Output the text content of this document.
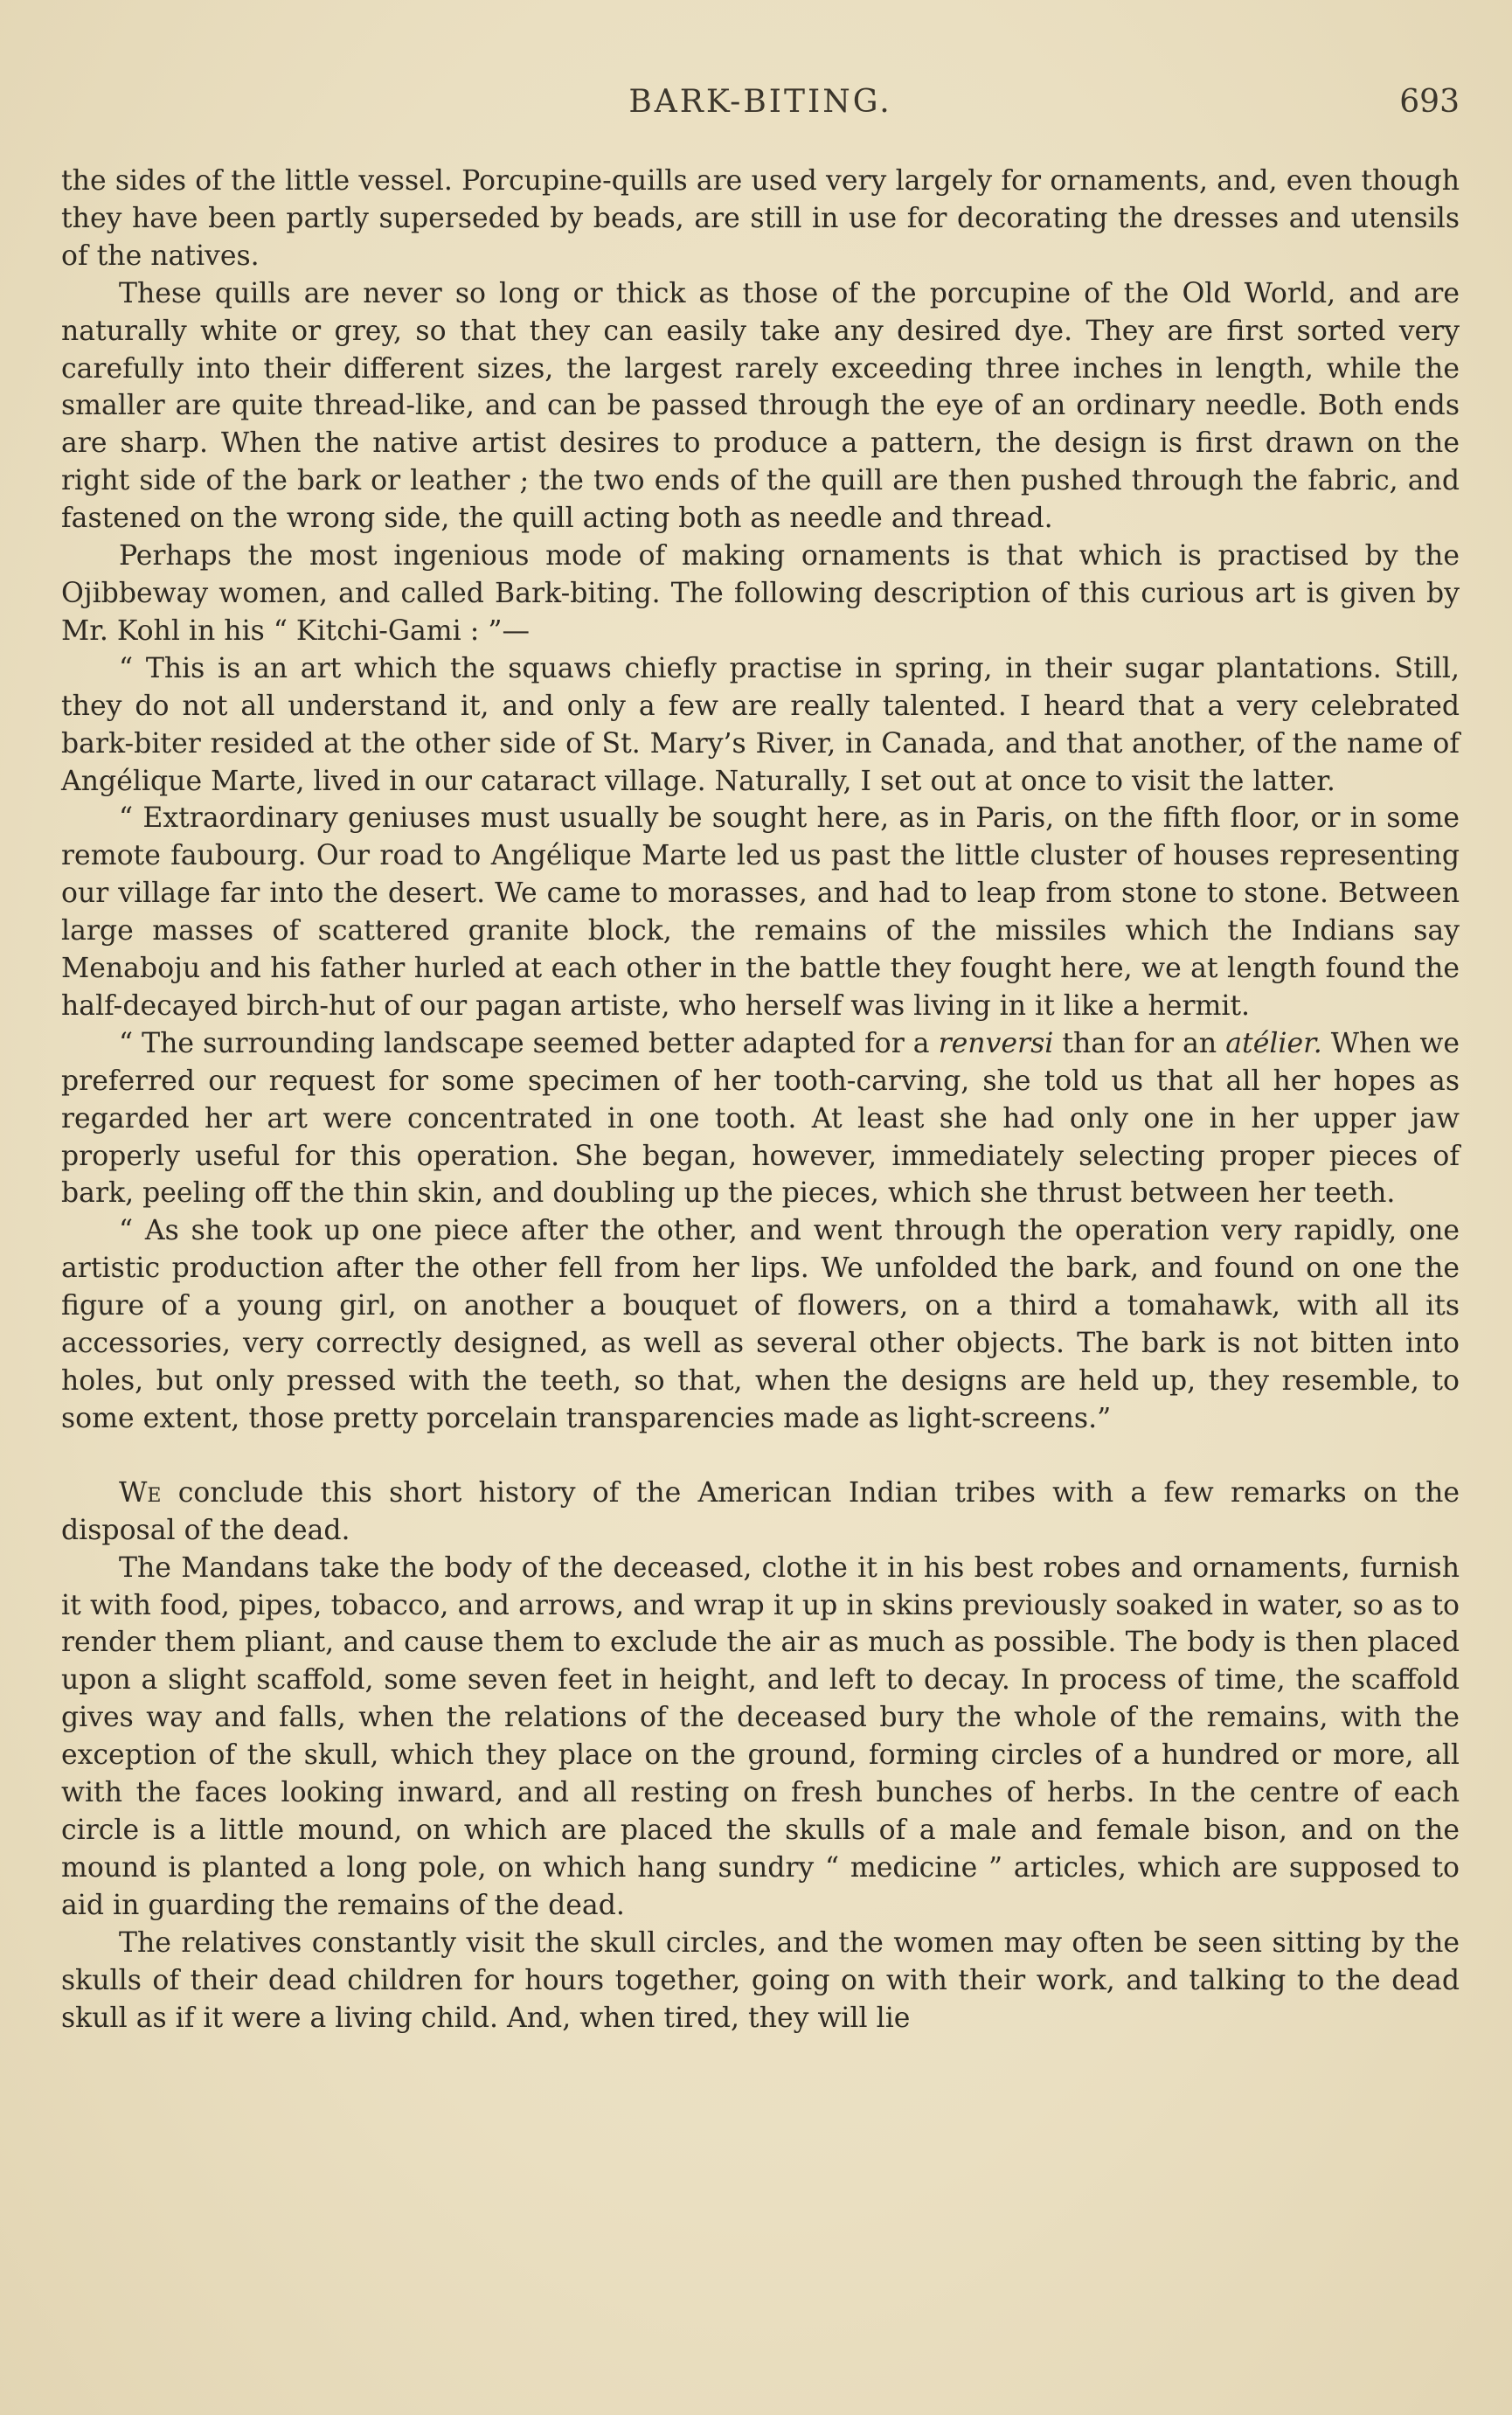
BARK-BITING.	693

the sides of the little vessel. Porcupine-quills are used very largely for ornaments, and, even though they have been partly superseded by beads, are still in use for decorating the dresses and utensils of the natives.

These quills are never so long or thick as those of the porcupine of the Old World, and are naturally white or grey, so that they can easily take any desired dye. They are first sorted very carefully into their different sizes, the largest rarely exceeding three inches in length, while the smaller are quite thread-like, and can be passed through the eye of an ordinary needle. Both ends are sharp. When the native artist desires to produce a pattern, the design is first drawn on the right side of the bark or leather ; the two ends of the quill are then pushed through the fabric, and fastened on the wrong side, the quill acting both as needle and thread.

Perhaps the most ingenious mode of making ornaments is that which is practised by the Ojibbeway women, and called Bark-biting. The following description of this curious art is given by Mr. Kohl in his “ Kitchi-Gami : ”—

“ This is an art which the squaws chiefly practise in spring, in their sugar plantations. Still, they do not all understand it, and only a few are really talented. I heard that a very celebrated bark-biter resided at the other side of St. Mary’s River, in Canada, and that another, of the name of Angélique Marte, lived in our cataract village. Naturally, I set out at once to visit the latter.

“ Extraordinary geniuses must usually be sought here, as in Paris, on the fifth floor, or in some remote faubourg. Our road to Angélique Marte led us past the little cluster of houses representing our village far into the desert. We came to morasses, and had to leap from stone to stone. Between large masses of scattered granite block, the remains of the missiles which the Indians say Menaboju and his father hurled at each other in the battle they fought here, we at length found the half-decayed birch-hut of our pagan artiste, who herself was living in it like a hermit.

“ The surrounding landscape seemed better adapted for a renversi than for an atélier. When we preferred our request for some specimen of her tooth-carving, she told us that all her hopes as regarded her art were concentrated in one tooth. At least she had only one in her upper jaw properly useful for this operation. She began, however, immediately selecting proper pieces of bark, peeling off the thin skin, and doubling up the pieces, which she thrust between her teeth.

“ As she took up one piece after the other, and went through the operation very rapidly, one artistic production after the other fell from her lips. We unfolded the bark, and found on one the figure of a young girl, on another a bouquet of flowers, on a third a tomahawk, with all its accessories, very correctly designed, as well as several other objects. The bark is not bitten into holes, but only pressed with the teeth, so that, when the designs are held up, they resemble, to some extent, those pretty porcelain transparencies made as light-screens.”

We conclude this short history of the American Indian tribes with a few remarks on the disposal of the dead.

The Mandans take the body of the deceased, clothe it in his best robes and ornaments, furnish it with food, pipes, tobacco, and arrows, and wrap it up in skins previously soaked in water, so as to render them pliant, and cause them to exclude the air as much as possible. The body is then placed upon a slight scaffold, some seven feet in height, and left to decay. In process of time, the scaffold gives way and falls, when the relations of the deceased bury the whole of the remains, with the exception of the skull, which they place on the ground, forming circles of a hundred or more, all with the faces looking inward, and all resting on fresh bunches of herbs. In the centre of each circle is a little mound, on which are placed the skulls of a male and female bison, and on the mound is planted a long pole, on which hang sundry “ medicine ” articles, which are supposed to aid in guarding the remains of the dead.

The relatives constantly visit the skull circles, and the women may often be seen sitting by the skulls of their dead children for hours together, going on with their work, and talking to the dead skull as if it were a living child. And, when tired, they will lie
